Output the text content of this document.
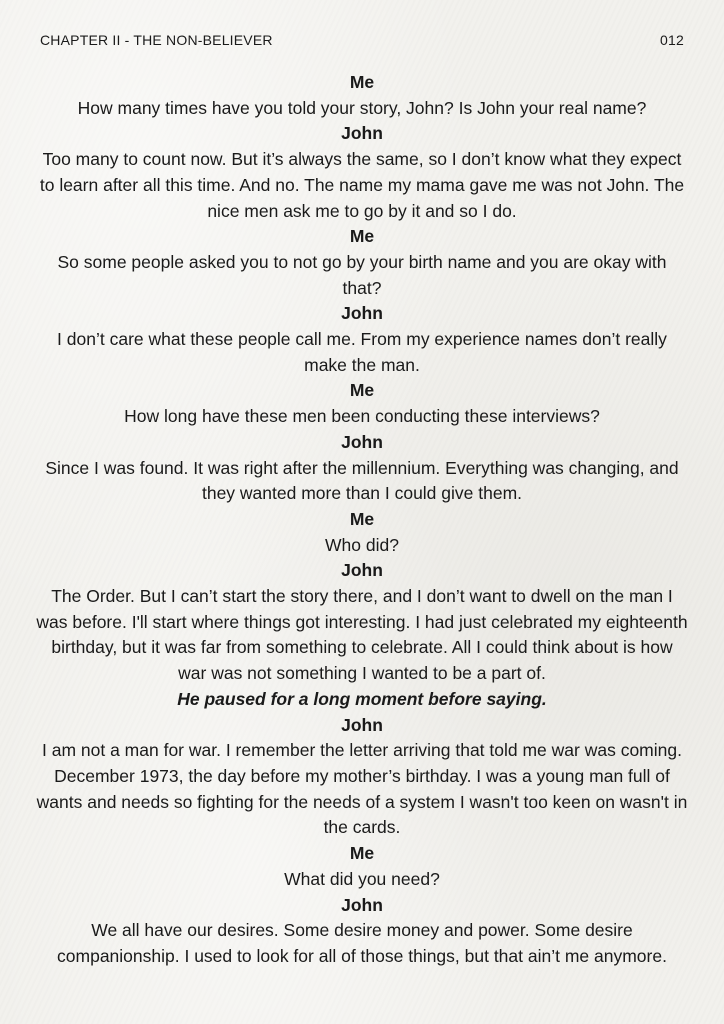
CHAPTER II - THE NON-BELIEVER	012
Me
How many times have you told your story, John? Is John your real name?
John
Too many to count now. But it’s always the same, so I don’t know what they expect to learn after all this time. And no. The name my mama gave me was not John. The nice men ask me to go by it and so I do.
Me
So some people asked you to not go by your birth name and you are okay with that?
John
I don’t care what these people call me. From my experience names don’t really make the man.
Me
How long have these men been conducting these interviews?
John
Since I was found. It was right after the millennium. Everything was changing, and they wanted more than I could give them.
Me
Who did?
John
The Order. But I can’t start the story there, and I don’t want to dwell on the man I was before. I'll start where things got interesting. I had just celebrated my eighteenth birthday, but it was far from something to celebrate. All I could think about is how war was not something I wanted to be a part of.
He paused for a long moment before saying.
John
I am not a man for war. I remember the letter arriving that told me war was coming. December 1973, the day before my mother’s birthday. I was a young man full of wants and needs so fighting for the needs of a system I wasn't too keen on wasn't in the cards.
Me
What did you need?
John
We all have our desires. Some desire money and power. Some desire companionship. I used to look for all of those things, but that ain’t me anymore.
